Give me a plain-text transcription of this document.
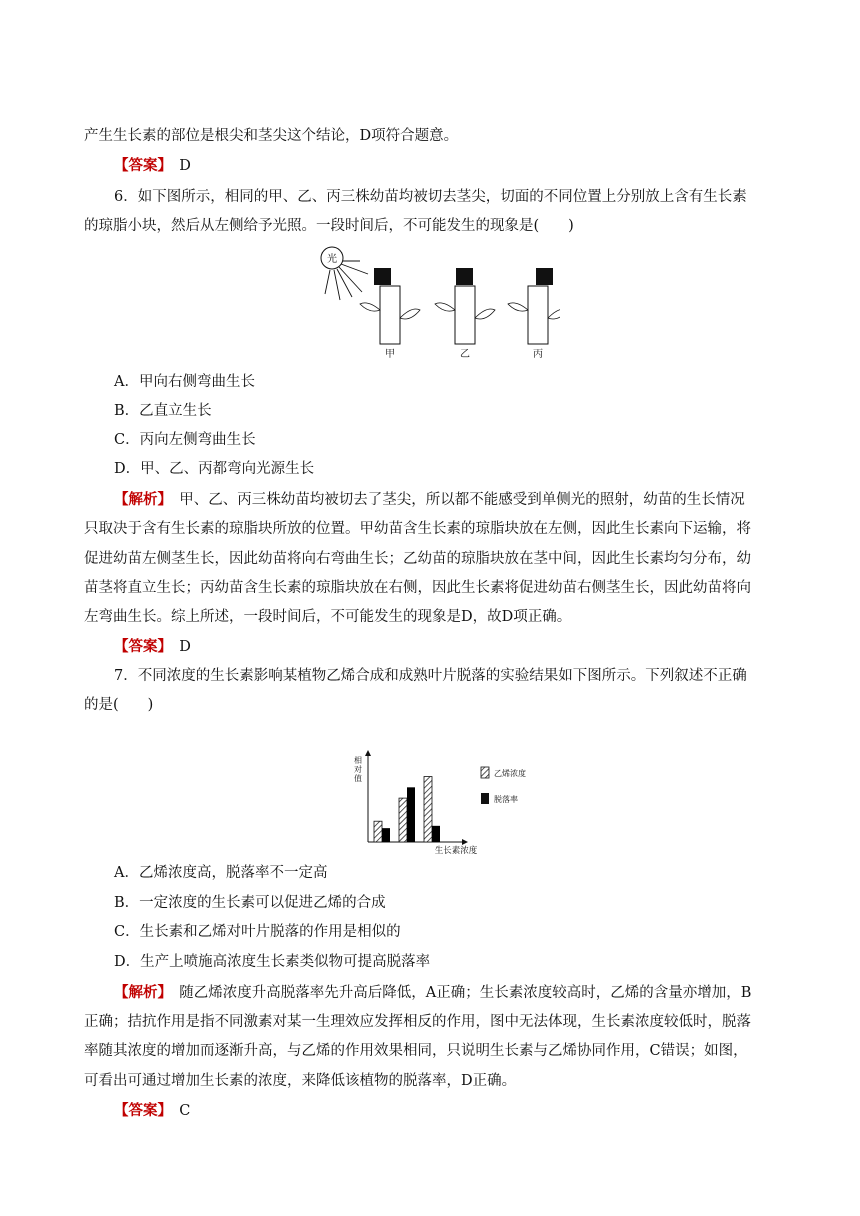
产生生长素的部位是根尖和茎尖这个结论，D项符合题意。
【答案】　 D
6．如下图所示，相同的甲、乙、丙三株幼苗均被切去茎尖，切面的不同位置上分别放上含有生长素
的琼脂小块，然后从左侧给予光照。一段时间后，不可能发生的现象是(　　)
光
甲	乙	丙
A．甲向右侧弯曲生长
B．乙直立生长
C．丙向左侧弯曲生长
D．甲、乙、丙都弯向光源生长
【解析】　甲、乙、丙三株幼苗均被切去了茎尖，所以都不能感受到单侧光的照射，幼苗的生长情况
只取决于含有生长素的琼脂块所放的位置。甲幼苗含生长素的琼脂块放在左侧，因此生长素向下运输，将
促进幼苗左侧茎生长，因此幼苗将向右弯曲生长；乙幼苗的琼脂块放在茎中间，因此生长素均匀分布，幼
苗茎将直立生长；丙幼苗含生长素的琼脂块放在右侧，因此生长素将促进幼苗右侧茎生长，因此幼苗将向
左弯曲生长。综上所述，一段时间后，不可能发生的现象是D，故D项正确。
【答案】　 D
7．不同浓度的生长素影响某植物乙烯合成和成熟叶片脱落的实验结果如下图所示。下列叙述不正确
的是(　　)
相对值
生长素浓度
乙烯浓度
脱落率
A．乙烯浓度高，脱落率不一定高
B．一定浓度的生长素可以促进乙烯的合成
C．生长素和乙烯对叶片脱落的作用是相似的
D．生产上喷施高浓度生长素类似物可提高脱落率
【解析】　随乙烯浓度升高脱落率先升高后降低，A正确；生长素浓度较高时，乙烯的含量亦增加，B
正确；拮抗作用是指不同激素对某一生理效应发挥相反的作用，图中无法体现，生长素浓度较低时，脱落
率随其浓度的增加而逐渐升高，与乙烯的作用效果相同，只说明生长素与乙烯协同作用，C错误；如图，
可看出可通过增加生长素的浓度，来降低该植物的脱落率，D正确。
【答案】　 C
